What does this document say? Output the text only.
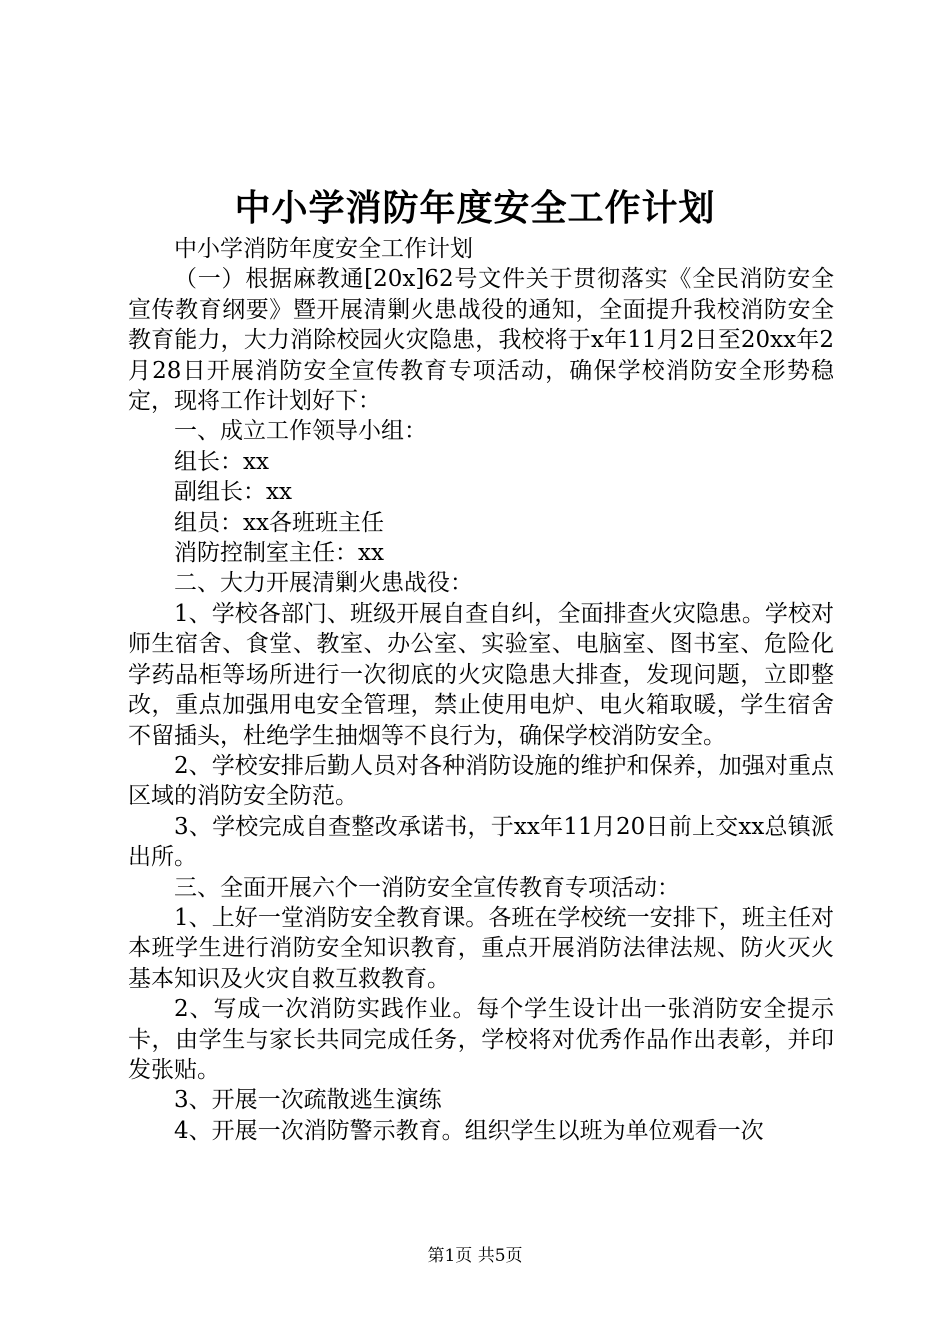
中小学消防年度安全工作计划

中小学消防年度安全工作计划

（一）根据麻教通[20x]62号文件关于贯彻落实《全民消防安全宣传教育纲要》暨开展清剿火患战役的通知，全面提升我校消防安全教育能力，大力消除校园火灾隐患，我校将于x年11月2日至20xx年2月28日开展消防安全宣传教育专项活动，确保学校消防安全形势稳定，现将工作计划好下：

一、成立工作领导小组：

组长：xx

副组长：xx

组员：xx各班班主任

消防控制室主任：xx

二、大力开展清剿火患战役：

1、学校各部门、班级开展自查自纠，全面排查火灾隐患。学校对师生宿舍、食堂、教室、办公室、实验室、电脑室、图书室、危险化学药品柜等场所进行一次彻底的火灾隐患大排查，发现问题，立即整改，重点加强用电安全管理，禁止使用电炉、电火箱取暖，学生宿舍不留插头，杜绝学生抽烟等不良行为，确保学校消防安全。

2、学校安排后勤人员对各种消防设施的维护和保养，加强对重点区域的消防安全防范。

3、学校完成自查整改承诺书，于xx年11月20日前上交xx总镇派出所。

三、全面开展六个一消防安全宣传教育专项活动：

1、上好一堂消防安全教育课。各班在学校统一安排下，班主任对本班学生进行消防安全知识教育，重点开展消防法律法规、防火灭火基本知识及火灾自救互救教育。

2、写成一次消防实践作业。每个学生设计出一张消防安全提示卡，由学生与家长共同完成任务，学校将对优秀作品作出表彰，并印发张贴。

3、开展一次疏散逃生演练

4、开展一次消防警示教育。组织学生以班为单位观看一次

第1页 共5页
